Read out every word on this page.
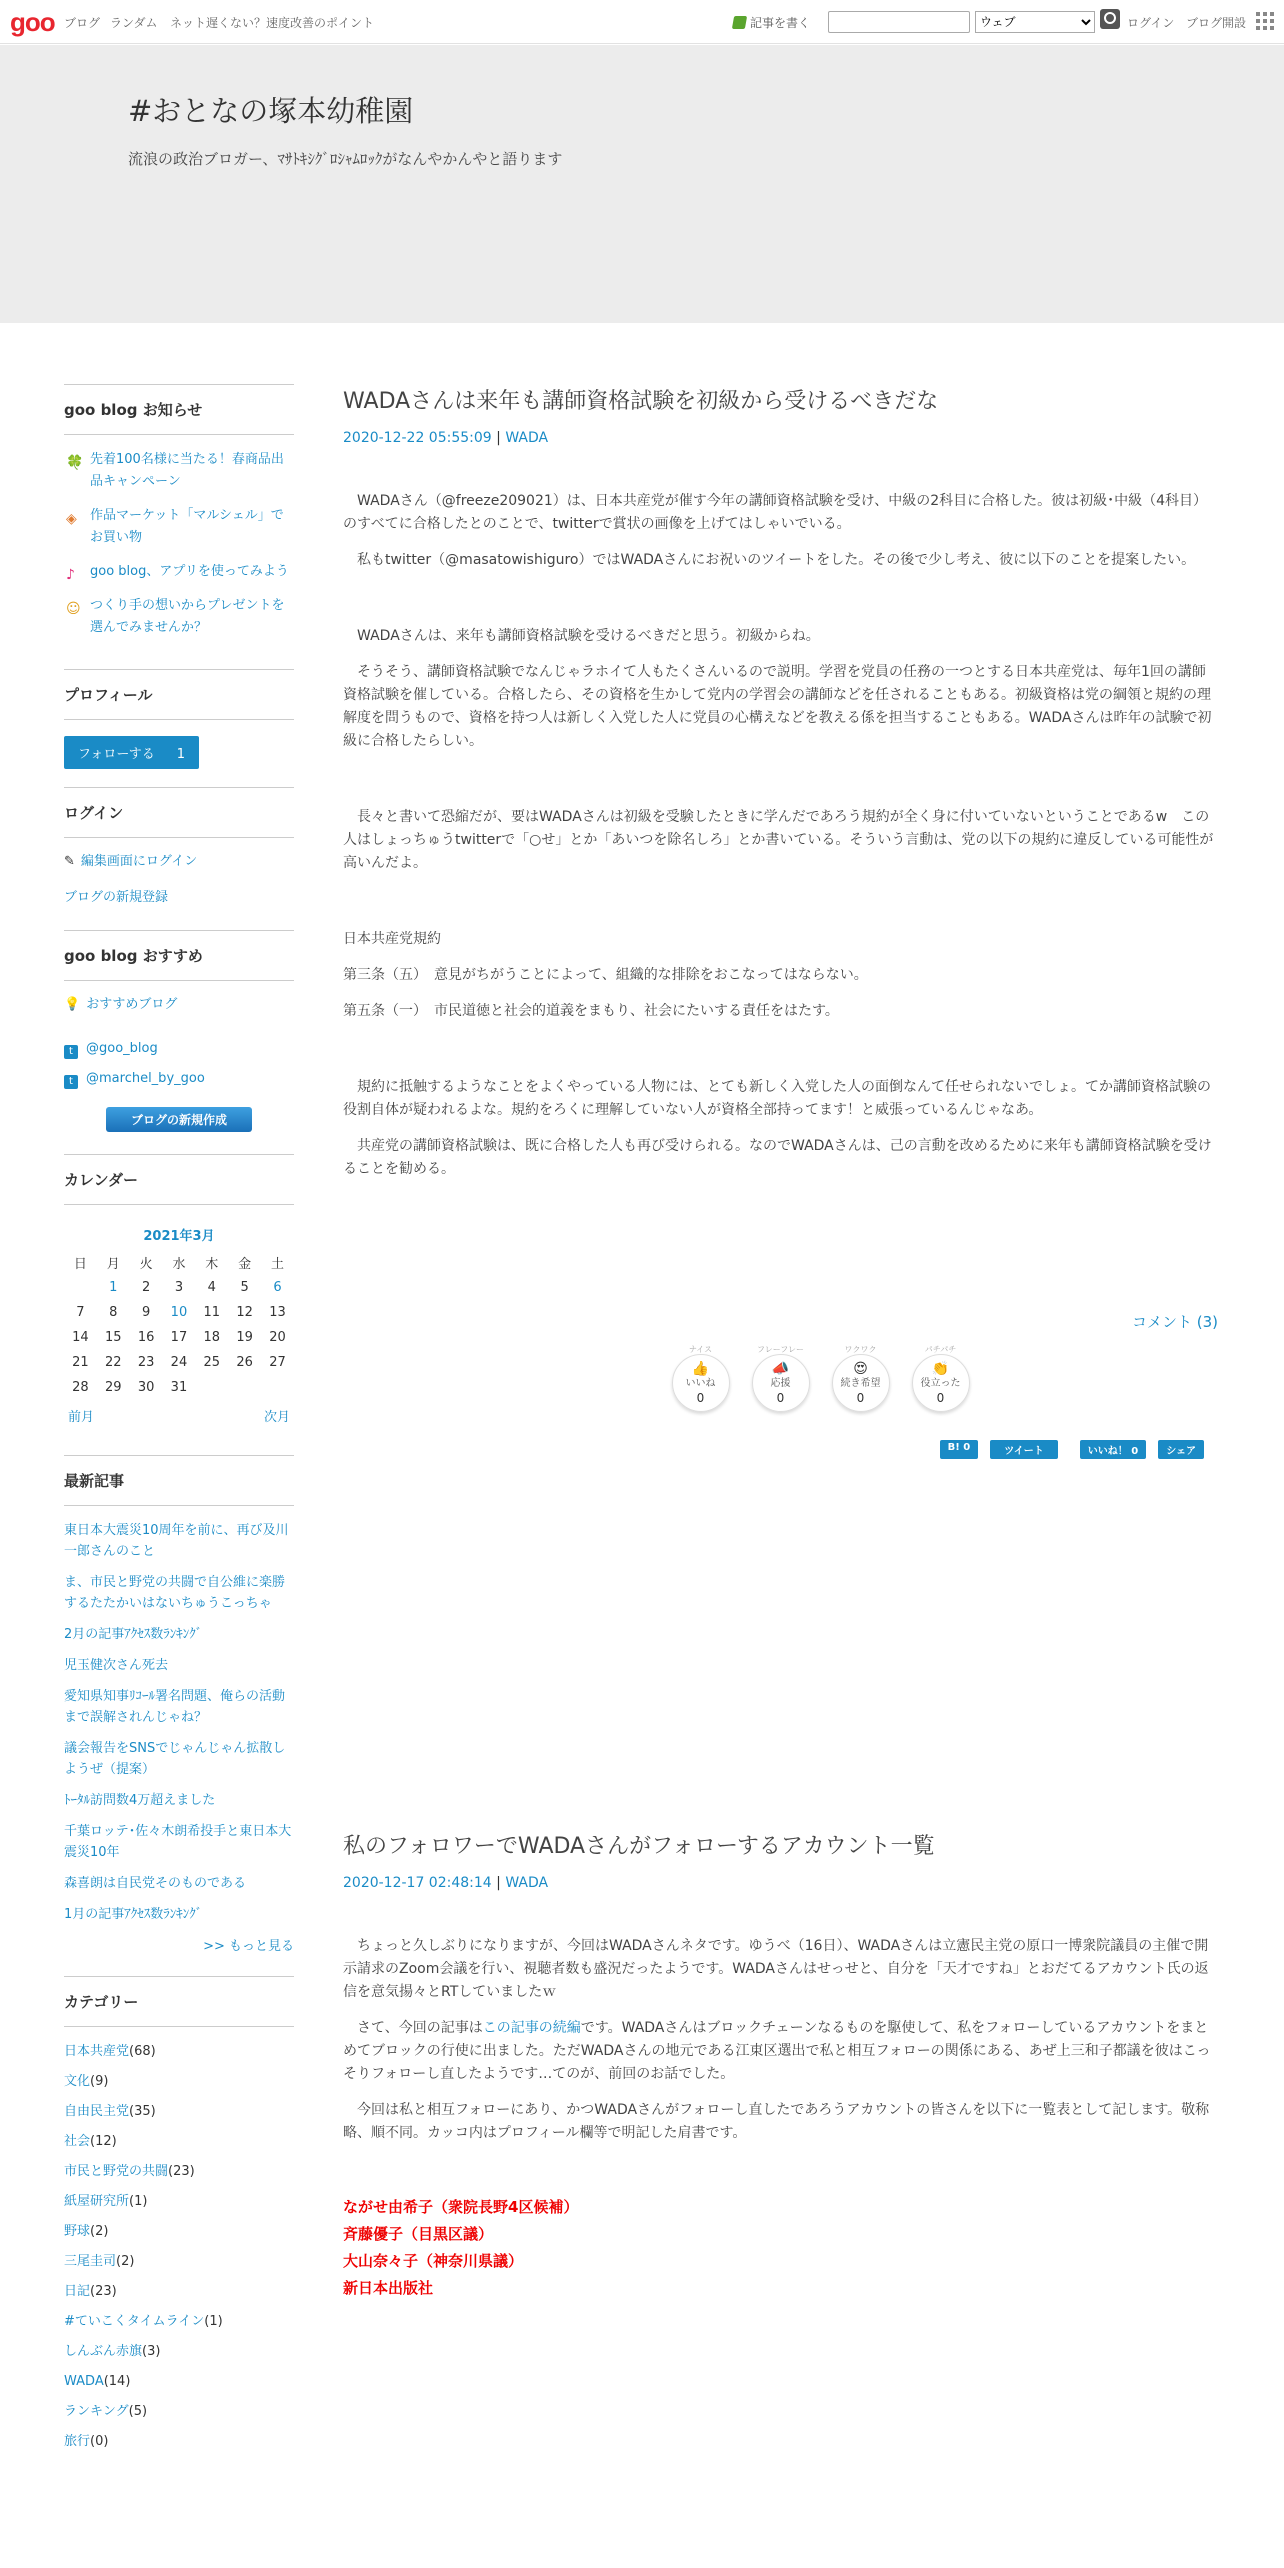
goo ブログ ランダム ネット遅くない？速度改善のポイント	記事を書く
ウェブ	ログイン ブログ開設
#おとなの塚本幼稚園
流浪の政治ブロガー、ﾏｻﾄｷｼｸﾞﾛｼｬﾑﾛｯｸがなんやかんやと語ります
goo blog お知らせ
🍀 先着100名様に当たる！春商品出品キャンペーン
◈ 作品マーケット「マルシェル」でお買い物
♪ goo blog、アプリを使ってみよう
☺ つくり手の想いからプレゼントを選んでみませんか？
プロフィール
フォローする 1
ログイン
✎ 編集画面にログイン
ブログの新規登録
goo blog おすすめ
💡 おすすめブログ
t @goo_blog
t @marchel_by_goo
ブログの新規作成
カレンダー
2021年3月
日	月	火	水	木	金	土
	1	2	3	4	5	6
7	8	9	10	11	12	13
14	15	16	17	18	19	20
21	22	23	24	25	26	27
28	29	30	31			
前月	次月
最新記事
東日本大震災10周年を前に、再び及川一郎さんのこと
ま、市民と野党の共闘で自公維に楽勝するたたかいはないちゅうこっちゃ
2月の記事ｱｸｾｽ数ﾗﾝｷﾝｸﾞ
児玉健次さん死去
愛知県知事ﾘｺｰﾙ署名問題、俺らの活動まで誤解されんじゃね？
議会報告をSNSでじゃんじゃん拡散しようぜ（提案）
ﾄｰﾀﾙ訪問数4万超えました
千葉ロッテ･佐々木朗希投手と東日本大震災10年
森喜朗は自民党そのものである
1月の記事ｱｸｾｽ数ﾗﾝｷﾝｸﾞ
>> もっと見る
カテゴリー
日本共産党(68)
文化(9)
自由民主党(35)
社会(12)
市民と野党の共闘(23)
紙屋研究所(1)
野球(2)
三尾圭司(2)
日記(23)
#ていこくタイムライン(1)
しんぶん赤旗(3)
WADA(14)
ランキング(5)
旅行(0)
WADAさんは来年も講師資格試験を初級から受けるべきだな
2020-12-22 05:55:09 | WADA

WADAさん（@freeze209021）は、日本共産党が催す今年の講師資格試験を受け、中級の2科目に合格した。彼は初級･中級（4科目）のすべてに合格したとのことで、twitterで賞状の画像を上げてはしゃいでいる。

私もtwitter（@masatowishiguro）ではWADAさんにお祝いのツイートをした。その後で少し考え、彼に以下のことを提案したい。

WADAさんは、来年も講師資格試験を受けるべきだと思う。初級からね。

そうそう、講師資格試験でなんじゃラホイて人もたくさんいるので説明。学習を党員の任務の一つとする日本共産党は、毎年1回の講師資格試験を催している。合格したら、その資格を生かして党内の学習会の講師などを任されることもある。初級資格は党の綱領と規約の理解度を問うもので、資格を持つ人は新しく入党した人に党員の心構えなどを教える係を担当することもある。WADAさんは昨年の試験で初級に合格したらしい。

長々と書いて恐縮だが、要はWADAさんは初級を受験したときに学んだであろう規約が全く身に付いていないということであるw　この人はしょっちゅうtwitterで「○せ」とか「あいつを除名しろ」とか書いている。そういう言動は、党の以下の規約に違反している可能性が高いんだよ。

日本共産党規約

第三条（五）　意見がちがうことによって、組織的な排除をおこなってはならない。

第五条（一）　市民道徳と社会的道義をまもり、社会にたいする責任をはたす。

規約に抵触するようなことをよくやっている人物には、とても新しく入党した人の面倒なんて任せられないでしょ。てか講師資格試験の役割自体が疑われるよな。規約をろくに理解していない人が資格全部持ってます！と威張っているんじゃなあ。

共産党の講師資格試験は、既に合格した人も再び受けられる。なのでWADAさんは、己の言動を改めるために来年も講師資格試験を受けることを勧める。

コメント (3)
ナイス
👍
いいね
0
フレーフレー
📣
応援
0
ワクワク
😍
続き希望
0
パチパチ
👏
役立った
0
B! 0	ツイート	いいね！ 0	シェア
私のフォロワーでWADAさんがフォローするアカウント一覧
2020-12-17 02:48:14 | WADA

ちょっと久しぶりになりますが、今回はWADAさんネタです。ゆうべ（16日）、WADAさんは立憲民主党の原口一博衆院議員の主催で開示請求のZoom会議を行い、視聴者数も盛況だったようです。WADAさんはせっせと、自分を「天才ですね」とおだてるアカウント氏の返信を意気揚々とRTしていましたｗ

さて、今回の記事はこの記事の続編です。WADAさんはブロックチェーンなるものを駆使して、私をフォローしているアカウントをまとめてブロックの行使に出ました。ただWADAさんの地元である江東区選出で私と相互フォローの関係にある、あぜ上三和子都議を彼はこっそりフォローし直したようです…てのが、前回のお話でした。

今回は私と相互フォローにあり、かつWADAさんがフォローし直したであろうアカウントの皆さんを以下に一覧表として記します。敬称略、順不同。カッコ内はプロフィール欄等で明記した肩書です。

ながせ由希子（衆院長野4区候補）
斉藤優子（目黒区議）
大山奈々子（神奈川県議）
新日本出版社
